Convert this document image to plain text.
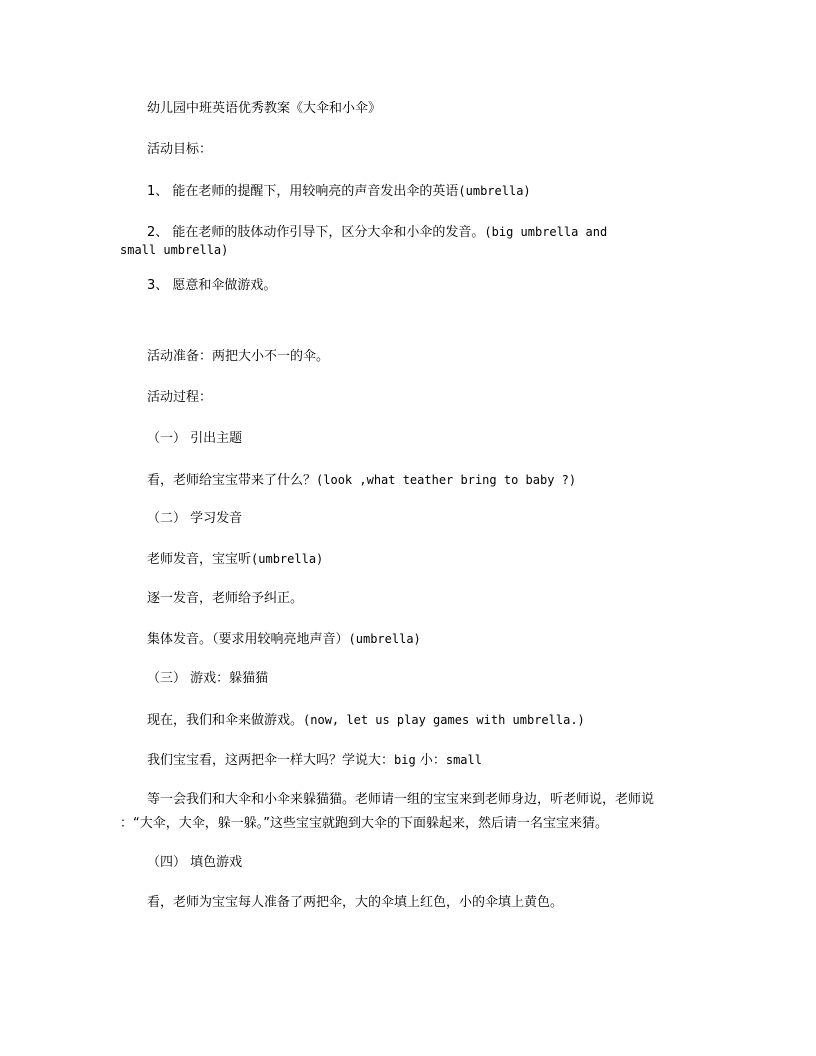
幼儿园中班英语优秀教案《大伞和小伞》
活动目标：
1、 能在老师的提醒下，用较响亮的声音发出伞的英语(umbrella)
2、 能在老师的肢体动作引导下，区分大伞和小伞的发音。(big umbrella and
small umbrella)
3、 愿意和伞做游戏。
活动准备：两把大小不一的伞。
活动过程：
（一） 引出主题
看，老师给宝宝带来了什么？(look ,what teather bring to baby ?)
（二） 学习发音
老师发音，宝宝听(umbrella)
逐一发音，老师给予纠正。
集体发音。（要求用较响亮地声音）(umbrella)
（三） 游戏：躲猫猫
现在，我们和伞来做游戏。(now, let us play games with umbrella.)
我们宝宝看，这两把伞一样大吗？学说大：big 小：small
等一会我们和大伞和小伞来躲猫猫。老师请一组的宝宝来到老师身边，听老师说，老师说
：“大伞，大伞，躲一躲。”这些宝宝就跑到大伞的下面躲起来，然后请一名宝宝来猜。
（四） 填色游戏
看，老师为宝宝每人准备了两把伞，大的伞填上红色，小的伞填上黄色。
